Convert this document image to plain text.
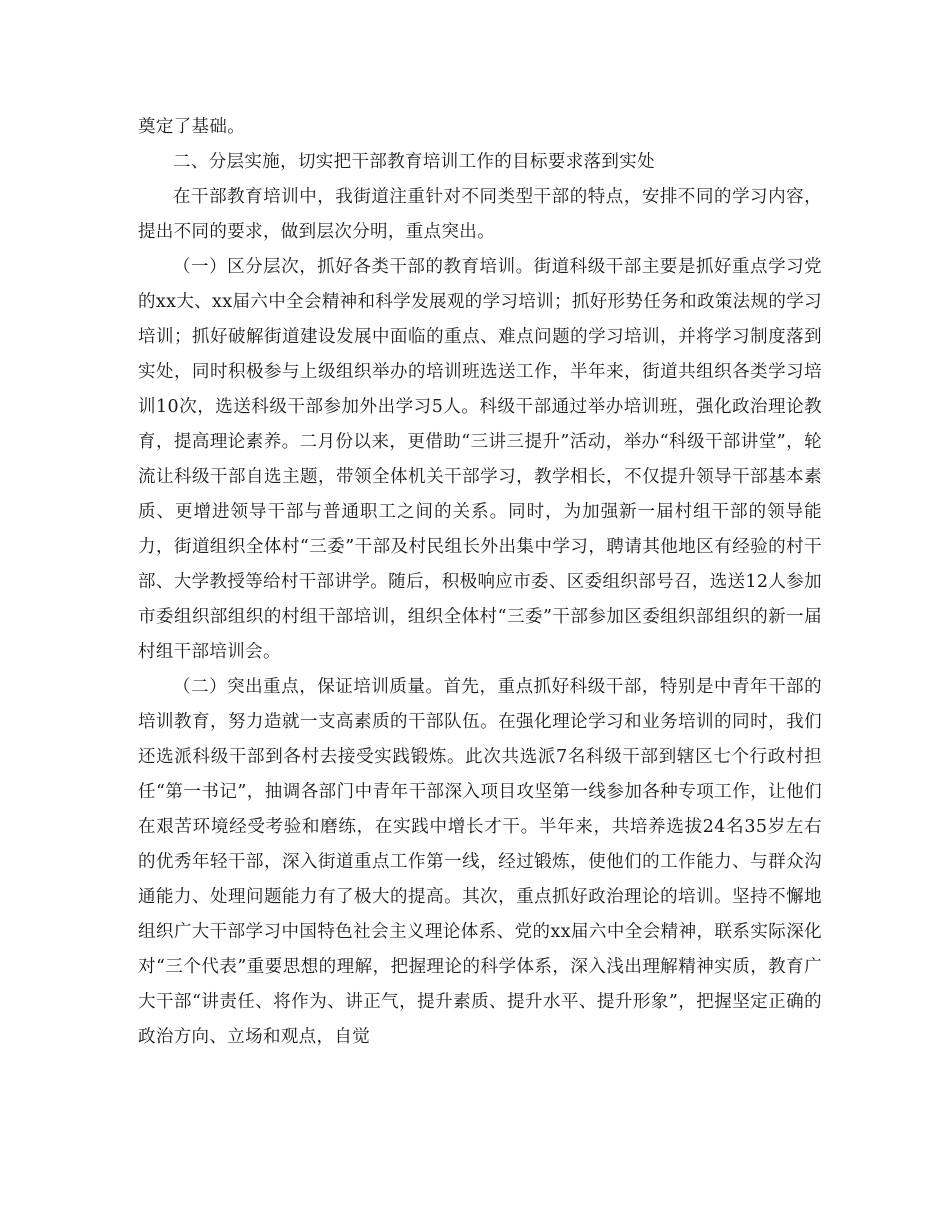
奠定了基础。

二、分层实施，切实把干部教育培训工作的目标要求落到实处

在干部教育培训中，我街道注重针对不同类型干部的特点，安排不同的学习内容，提出不同的要求，做到层次分明，重点突出。

（一）区分层次，抓好各类干部的教育培训。街道科级干部主要是抓好重点学习党的xx大、xx届六中全会精神和科学发展观的学习培训；抓好形势任务和政策法规的学习培训；抓好破解街道建设发展中面临的重点、难点问题的学习培训，并将学习制度落到实处，同时积极参与上级组织举办的培训班选送工作，半年来，街道共组织各类学习培训10次，选送科级干部参加外出学习5人。科级干部通过举办培训班，强化政治理论教育，提高理论素养。二月份以来，更借助“三讲三提升”活动，举办“科级干部讲堂”，轮流让科级干部自选主题，带领全体机关干部学习，教学相长，不仅提升领导干部基本素质、更增进领导干部与普通职工之间的关系。同时，为加强新一届村组干部的领导能力，街道组织全体村“三委”干部及村民组长外出集中学习，聘请其他地区有经验的村干部、大学教授等给村干部讲学。随后，积极响应市委、区委组织部号召，选送12人参加市委组织部组织的村组干部培训，组织全体村“三委”干部参加区委组织部组织的新一届村组干部培训会。

（二）突出重点，保证培训质量。首先，重点抓好科级干部，特别是中青年干部的培训教育，努力造就一支高素质的干部队伍。在强化理论学习和业务培训的同时，我们还选派科级干部到各村去接受实践锻炼。此次共选派7名科级干部到辖区七个行政村担任“第一书记”，抽调各部门中青年干部深入项目攻坚第一线参加各种专项工作，让他们在艰苦环境经受考验和磨练，在实践中增长才干。半年来，共培养选拔24名35岁左右的优秀年轻干部，深入街道重点工作第一线，经过锻炼，使他们的工作能力、与群众沟通能力、处理问题能力有了极大的提高。其次，重点抓好政治理论的培训。坚持不懈地组织广大干部学习中国特色社会主义理论体系、党的xx届六中全会精神，联系实际深化对“三个代表”重要思想的理解，把握理论的科学体系，深入浅出理解精神实质，教育广大干部“讲责任、将作为、讲正气，提升素质、提升水平、提升形象”，把握坚定正确的政治方向、立场和观点，自觉
